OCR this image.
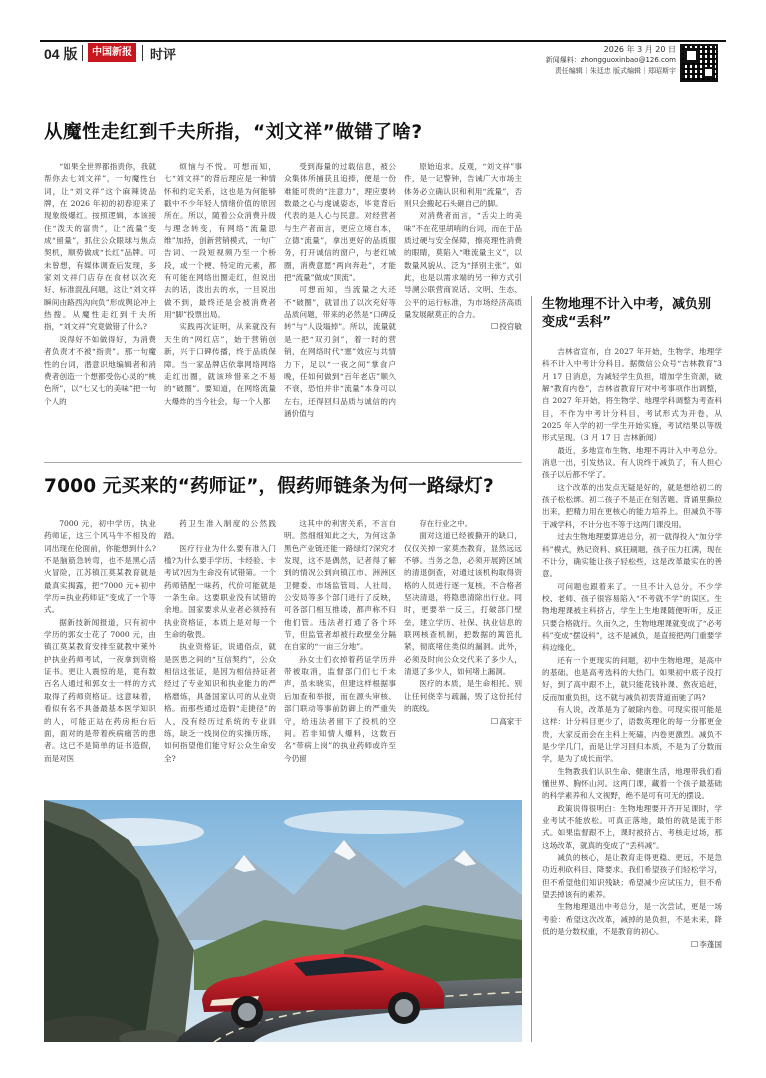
04 版	中国新报	时评	2026 年 3 月 20 日
新闻爆料：zhongguoxinbao@126.com
责任编辑｜朱廷忠 版式编辑｜郑昭斯宇
从魔性走红到千夫所指，“刘文祥”做错了啥?

“如果全世界都指责你，我就帮你去七刘文祥”，一句魔性台词，让“刘文祥”这个麻辣烫品牌，在 2026 年初的初春迎来了现象级爆红。按照逻辑，本该接住“泼天的富贵”，让“流量”变成“留量”，抓住公众眼球与焦点契机，顺势做成“长红”品牌。可未曾想，有媒体调查后发现，多家刘文祥门店存在食材以次充好、标准混乱问题，这让“刘文祥瞬间由路西沟向负”形成舆论冲上热搜。从魔性走红到千夫所指，“刘文祥”究竟做错了什么?

说得好不如做得好，为消费者负责才不被“指责”。那一句魔性的台词，潜意识地编辑者和消费者创造一个想都受伤心灵的“桃色所”，以“七又七的美味”把一句个人的

烦恼与不悦。可想而知，七“刘文祥”的背后理应是一种情怀和约定关系，这也是为何能够戳中不少年轻人情绪价值的原因所在。所以，随着公众消费升级与理念转变，有网络“流量思维”加持，创新营销模式，一句广告词、一段短视频乃至一个桥段，或一个梗、特定的元素，都有可能在网络出圈走红，但说出去的话，泼出去的水，一旦说出做不到，最终还是会被消费者用“脚”投票出局。

实践再次证明，从来就没有天生的“网红店”，始于营销创新，兴于口碑传播，终于品质保障。当一家品牌店依靠网络网络走红出圈，就该珍惜来之不易的“破圈”。要知道，在网络流量大爆炸的当今社会，每一个人都

受到海量的过载信息，被公众集体所捕获且追捧，便是一份难能可贵的“注意力”，理应要转数最之心与虔诚姿态，毕竟背后代表的是人心与民意。对经营者与生产者而言，更应立境自本，立德“流量”，拿出更好的品质服务，打开诚信的窗户，与老红城圈，消费意愿“两向奔赴”，才能把“流量”做成“顶流”。

可想而知，当流量之大还不“破圈”，就冒出了以次充好等品质问题，带来的必然是“口碑反转”与“人设塌掉”。所以，流量就是一把“双刃剑”，着一时的营销，在网络时代“塞”效应与共情力下，足以“一夜之间”掌食户晚，任如何做到“百年老店”顺久不衰，恐怕并非“流量”本身可以左右，还得回归品质与诚信的内涵价值与

原始追求。反观，“刘文祥”事件，是一记警钟，告诫广大市场主体务必立确认识和利用“流量”，否则只会搬起石头砸自己的脚。

对消费者而言，“舌尖上的美味”不在花里胡哨的台词，而在于品质过硬与安全保障，擦亮理性消费的眼睛，莫陷入“唯流量主义”，以数量风貌从、泛为“择别主张”。如此，也是以需求端的另一种方式引导溯公联营商说话、文明、生态、公平的运行标准，为市场经济高质量发展献莫正的合力。

☐ 投官敏
7000 元买来的“药师证”，假药师链条为何一路绿灯?

7000 元，初中学历，执业药师证，这三个风马牛不相及的词出现在伦面前，你能想到什么?不是脑筋急转弯，也不是黑心活火冒险，江苏镇江莫某教育就是最真实揭露，把“7000 元+初中学历=执业药师证”变成了一个等式。

据新技新闻报道，只有初中学历的郭女士花了 7000 元，由镇江莫某教育安排至就教中莱外护执业药师考试，一夜拿到资格证书。更让人震惊的是，竟有数百名人通过和郭女士一样的方式取得了药师资格证。这意味着，看似有名不具备最基本医学知识的人，可能正站在药房柜台后面，面对的是带着疾病痛苦的患者。这已不是简单的证书造假，而是对医

药卫生准入制度的公然践踏。

医疗行业为什么要有准入门槛?为什么要手学历、卡经验、卡考试?因为生命没有试错第。一个药师错配一味药，代价可能就是一条生命。这要职业没有试错的余地。国家要求从业者必须持有执业资格证，本质上是对每一个生命的敬畏。

执业资格证，说通俗点，就是医患之间的“互信契约”，公众相信这张证，是因为相信持证者经过了专业知识和执业能力的严格磨炼，具备国家认可的从业资格。而那些通过造假“走捷径”的人，没有经历过系统的专业训练，缺乏一线岗位的实操历练，如何指望他们能守好公众生命安全?

这其中的利害关系，不言自明。然细细知此之大，为何这条黑色产业链还能一路绿灯?深究才发现，这不是偶然，记者得了解到的情况公到向镇江市、洲洲区卫健委、市场监管局、人社局、公安局等多个部门进行了反映，可各部门相互推诿，都声称不归他们管。违法者打通了各个环节，但监管者却被行政壁垒分隔在自家的“一亩三分地”。

孙女士们衣掉着药证学历并带被取消，监督部门们七千未声，虽未晓实，但建这样根据事后加查和举报，而在源头审核、部门联动等事前防御上的严重失守，给违法者留下了投机的空间。若非知情人爆料，这数百名“带病上岗”的执业药师或许至今仍留

存在行业之中。

面对这道已经被撕开的缺口，仅仅关掉一家莫杰教育，显然远远不够。当务之急，必须开展跨区域的清退倒查，对通过该机构取得资格的人员进行逐一复核，不合格者坚决清退，将隐患清除出行业。同时，更要举一反三，打破部门壁垒，建立学历、社保、执业信息的联网核查机制，把数据的篱笆扎紧，彻底堵住类似的漏洞。此外，必须及时向公众交代来了多少人，清退了多少人，如何堵上漏洞。

医疗的本质，是生命相托。别让任何侥幸与疏漏，毁了这份托付的底线。

☐ 高家干
生物地理不计入中考，减负别变成“丢科”

吉林省宣布，自 2027 年开始，生物学、地理学科不计入中考计分科目。据微信公众号“吉林教育”3 月 17 日消息，为减轻学生负担，增加学生资源，破解“教育内卷”，吉林省教育厅对中考事项作出调整，自 2027 年开始，将生物学、地理学科调整为考查科目，不作为中考计分科目，考试形式为开卷，从 2025 年入学的初一学生开始实施，考试结果以等级形式呈现。（3 月 17 日 吉林新闻）

最近，多地宣布生物、地理不再计入中考总分。消息一出，引发热议。有人说终于减负了，有人担心孩子以后都不学了。

这个改革的出发点无疑是好的，就是想给初二的孩子松松绑。初二孩子不是正在刻苦题、背诵里撕拉出来，把精力用在更核心的能力培养上。但减负不等于减学科，不计分也不等于这两门课没用。

过去生物地理要算进总分，初一就得投入“加分学科”模式，熟记资料、疯狂刷题，孩子压力扛满，现在不计分，确实能让孩子轻松些，这是改革最实在的善意。

可问题也跟着来了。一旦不计入总分，不少学校、老师、孩子很容易陷入“不考就不学”的误区。生物地理课被主科挤占，学生上生地课随便听听，反正只要合格就行。久而久之，生物地理课就变成了“必考科”变成“摆设科”，这不是减负，是直接把两门重要学科边缘化。

还有一个更现实的问题，初中生物地理，是高中的基础。也是高考选科的大热门。如果初中底子没打好，到了高中跟不上，就只能花钱补课、熬夜追赶，反而加重负担，这不就与减负初衷背道而驰了吗?

有人说，改革是为了破除内卷。可现实很可能是这样：计分科目更少了，语数英理化的每一分都更金贵，大家反而会在主科上死磕，内卷更激烈。减负不是少学几门，而是让学习回归本质，不是为了分数而学，是为了成长而学。

生物教我们认识生命、健康生活，地理带我们看懂世界、胸怀山河。这两门课，藏着一个孩子最基础的科学素养和人文视野，绝不是可有可无的摆设。

政策说得很明白：生物地理要开齐开足课时，学业考试不能放松。可真正落地，最怕的就是流于形式。如果监督跟不上，课时被挤占、考核走过场，那这场改革，就真的变成了“丢科减”。

减负的核心，是让教育走得更稳、更远，不是急功近利砍科目、降要求。我们希望孩子们轻松学习，但不希望他们知识残缺；希望减少应试压力，但不希望丢掉该有的素养。

生物地理退出中考总分，是一次尝试，更是一场考验：希望这次改革，减掉的是负担，不是未来，降低的是分数权重，不是教育的初心。

☐ 李蓬国
